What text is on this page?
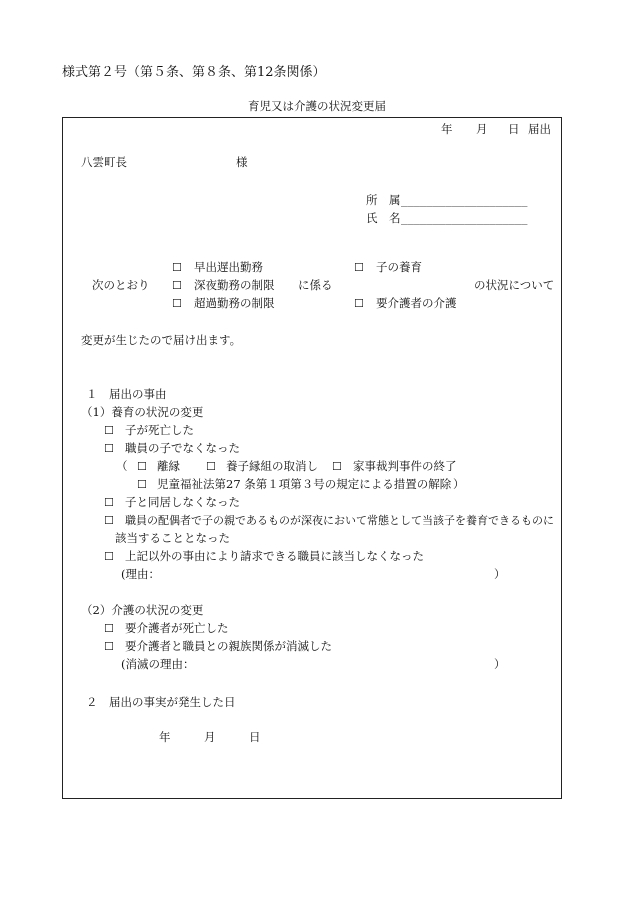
様式第２号（第５条、第８条、第12条関係）
育児又は介護の状況変更届
年 月 日 届出
八雲町長	様
所　属 ____________________
氏　名 ____________________
☐ 早出遅出勤務	☐ 子の養育
次のとおり ☐ 深夜勤務の制限 に係る	の状況について
☐ 超過勤務の制限	☐ 要介護者の介護
変更が生じたので届け出ます。
１　届出の事由
（1）養育の状況の変更
☐ 子が死亡した
☐ 職員の子でなくなった
（ ☐ 離縁 ☐ 養子縁組の取消し ☐ 家事裁判事件の終了
☐ 児童福祉法第27 条第１項第３号の規定による措置の解除 ）
☐ 子と同居しなくなった
☐ 職員の配偶者で子の親であるものが深夜において常態として当該子を養育できるものに
該当することとなった
☐ 上記以外の事由により請求できる職員に該当しなくなった
(理由：	）
（2）介護の状況の変更
☐ 要介護者が死亡した
☐ 要介護者と職員との親族関係が消滅した
(消滅の理由：	）
２　届出の事実が発生した日
年	月	日
